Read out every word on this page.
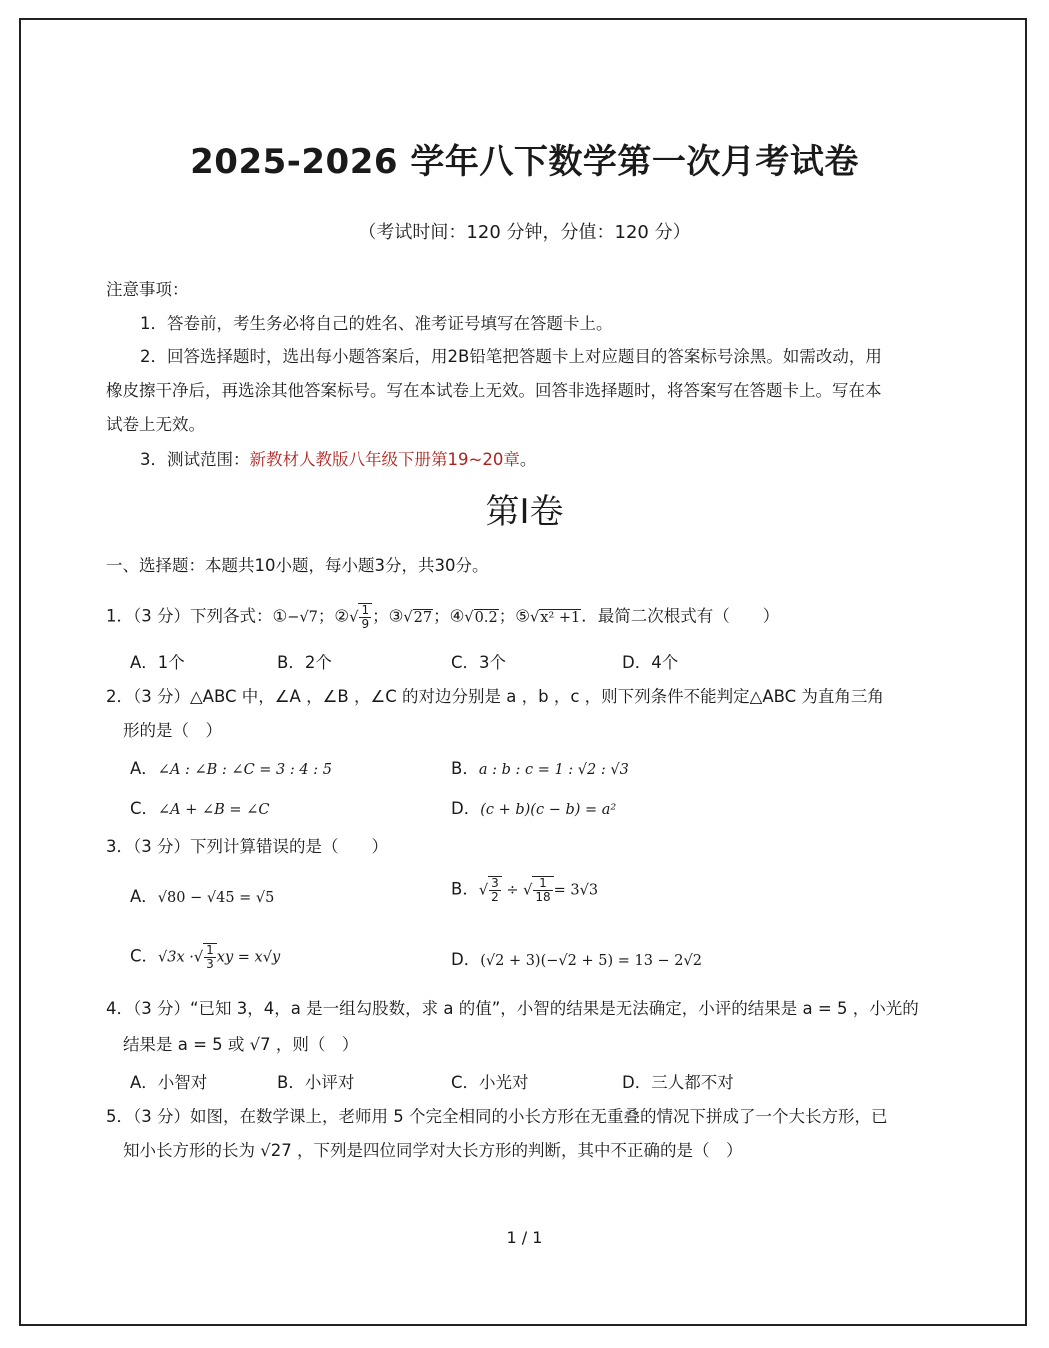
2025-2026 学年八下数学第一次月考试卷
（考试时间：120 分钟，分值：120 分）
注意事项：
1．答卷前，考生务必将自己的姓名、准考证号填写在答题卡上。
2．回答选择题时，选出每小题答案后，用2B铅笔把答题卡上对应题目的答案标号涂黑。如需改动，用
橡皮擦干净后，再选涂其他答案标号。写在本试卷上无效。回答非选择题时，将答案写在答题卡上。写在本
试卷上无效。
3．测试范围：新教材人教版八年级下册第19~20章。
第Ⅰ卷
一、选择题：本题共10小题，每小题3分，共30分。
1．（3 分）下列各式：①−√7；②√ $\frac{1}{9}$ ；③√27；④√0.2；⑤√x² +1．最简二次根式有（　　）
A．1个	B．2个	C．3个	D．4个
2．（3 分）△ABC 中，∠A ，∠B ，∠C 的对边分别是 a ，b ，c ，则下列条件不能判定△ABC 为直角三角
形的是（　）
A．∠A : ∠B : ∠C = 3 : 4 : 5	B．a : b : c = 1 : √2 : √3
C．∠A + ∠B = ∠C	D．(c + b)(c − b) = a²
3．（3 分）下列计算错误的是（　　）
A．√80 − √45 = √5	B．√ $\frac{3}{2}$ ÷ √ $\frac{1}{18} = 3√3$
C．√3x ·√ $\frac{1}{3}$ xy = x√y	D．(√2 + 3)(−√2 + 5) = 13 − 2√2
4．（3 分）“已知 3，4，a 是一组勾股数，求 a 的值”，小智的结果是无法确定，小评的结果是 a = 5 ，小光的
结果是 a = 5 或 √7 ，则（　）
A．小智对	B．小评对	C．小光对	D．三人都不对
5．（3 分）如图，在数学课上，老师用 5 个完全相同的小长方形在无重叠的情况下拼成了一个大长方形，已
知小长方形的长为 √27 ，下列是四位同学对大长方形的判断，其中不正确的是（　）
1 / 1
